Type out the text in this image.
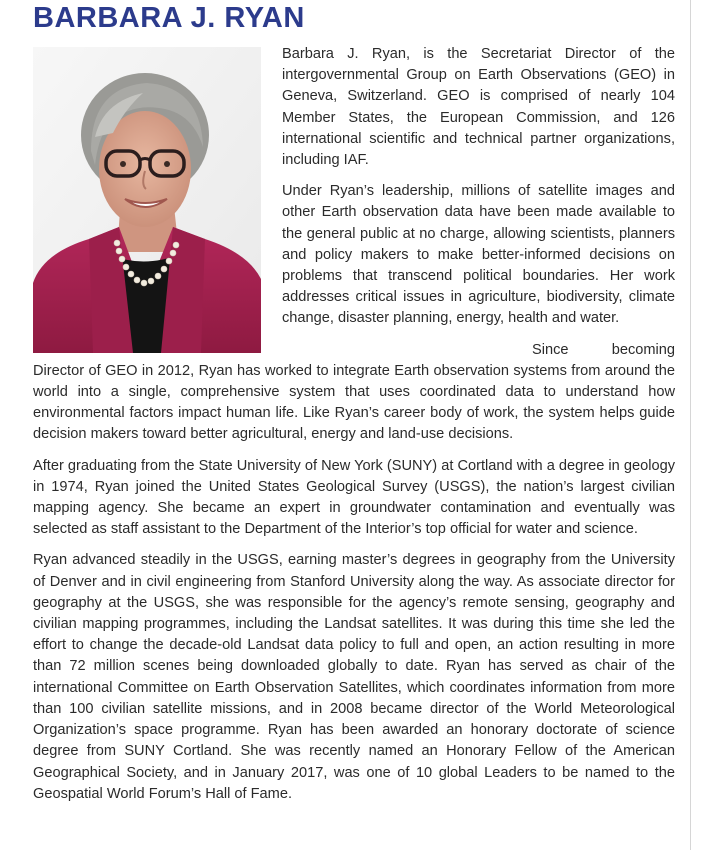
BARBARA J. RYAN

Barbara J. Ryan, is the Secretariat Director of the intergovernmental Group on Earth Observations (GEO) in Geneva, Switzerland. GEO is comprised of nearly 104 Member States, the European Commission, and 126 international scientific and technical partner organizations, including IAF.

Under Ryan’s leadership, millions of satellite images and other Earth observation data have been made available to the general public at no charge, allowing scientists, planners and policy makers to make better-informed decisions on problems that transcend political boundaries. Her work addresses critical issues in agriculture, biodiversity, climate change, disaster planning, energy, health and water.

Since becoming Director of GEO in 2012, Ryan has worked to integrate Earth observation systems from around the world into a single, comprehensive system that uses coordinated data to understand how environmental factors impact human life. Like Ryan’s career body of work, the system helps guide decision makers toward better agricultural, energy and land-use decisions.

After graduating from the State University of New York (SUNY) at Cortland with a degree in geology in 1974, Ryan joined the United States Geological Survey (USGS), the nation’s largest civilian mapping agency. She became an expert in groundwater contamination and eventually was selected as staff assistant to the Department of the Interior’s top official for water and science.

Ryan advanced steadily in the USGS, earning master’s degrees in geography from the University of Denver and in civil engineering from Stanford University along the way. As associate director for geography at the USGS, she was responsible for the agency’s remote sensing, geography and civilian mapping programmes, including the Landsat satellites. It was during this time she led the effort to change the decade-old Landsat data policy to full and open, an action resulting in more than 72 million scenes being downloaded globally to date. Ryan has served as chair of the international Committee on Earth Observation Satellites, which coordinates information from more than 100 civilian satellite missions, and in 2008 became director of the World Meteorological Organization’s space programme. Ryan has been awarded an honorary doctorate of science degree from SUNY Cortland. She was recently named an Honorary Fellow of the American Geographical Society, and in January 2017, was one of 10 global Leaders to be named to the Geospatial World Forum’s Hall of Fame.
